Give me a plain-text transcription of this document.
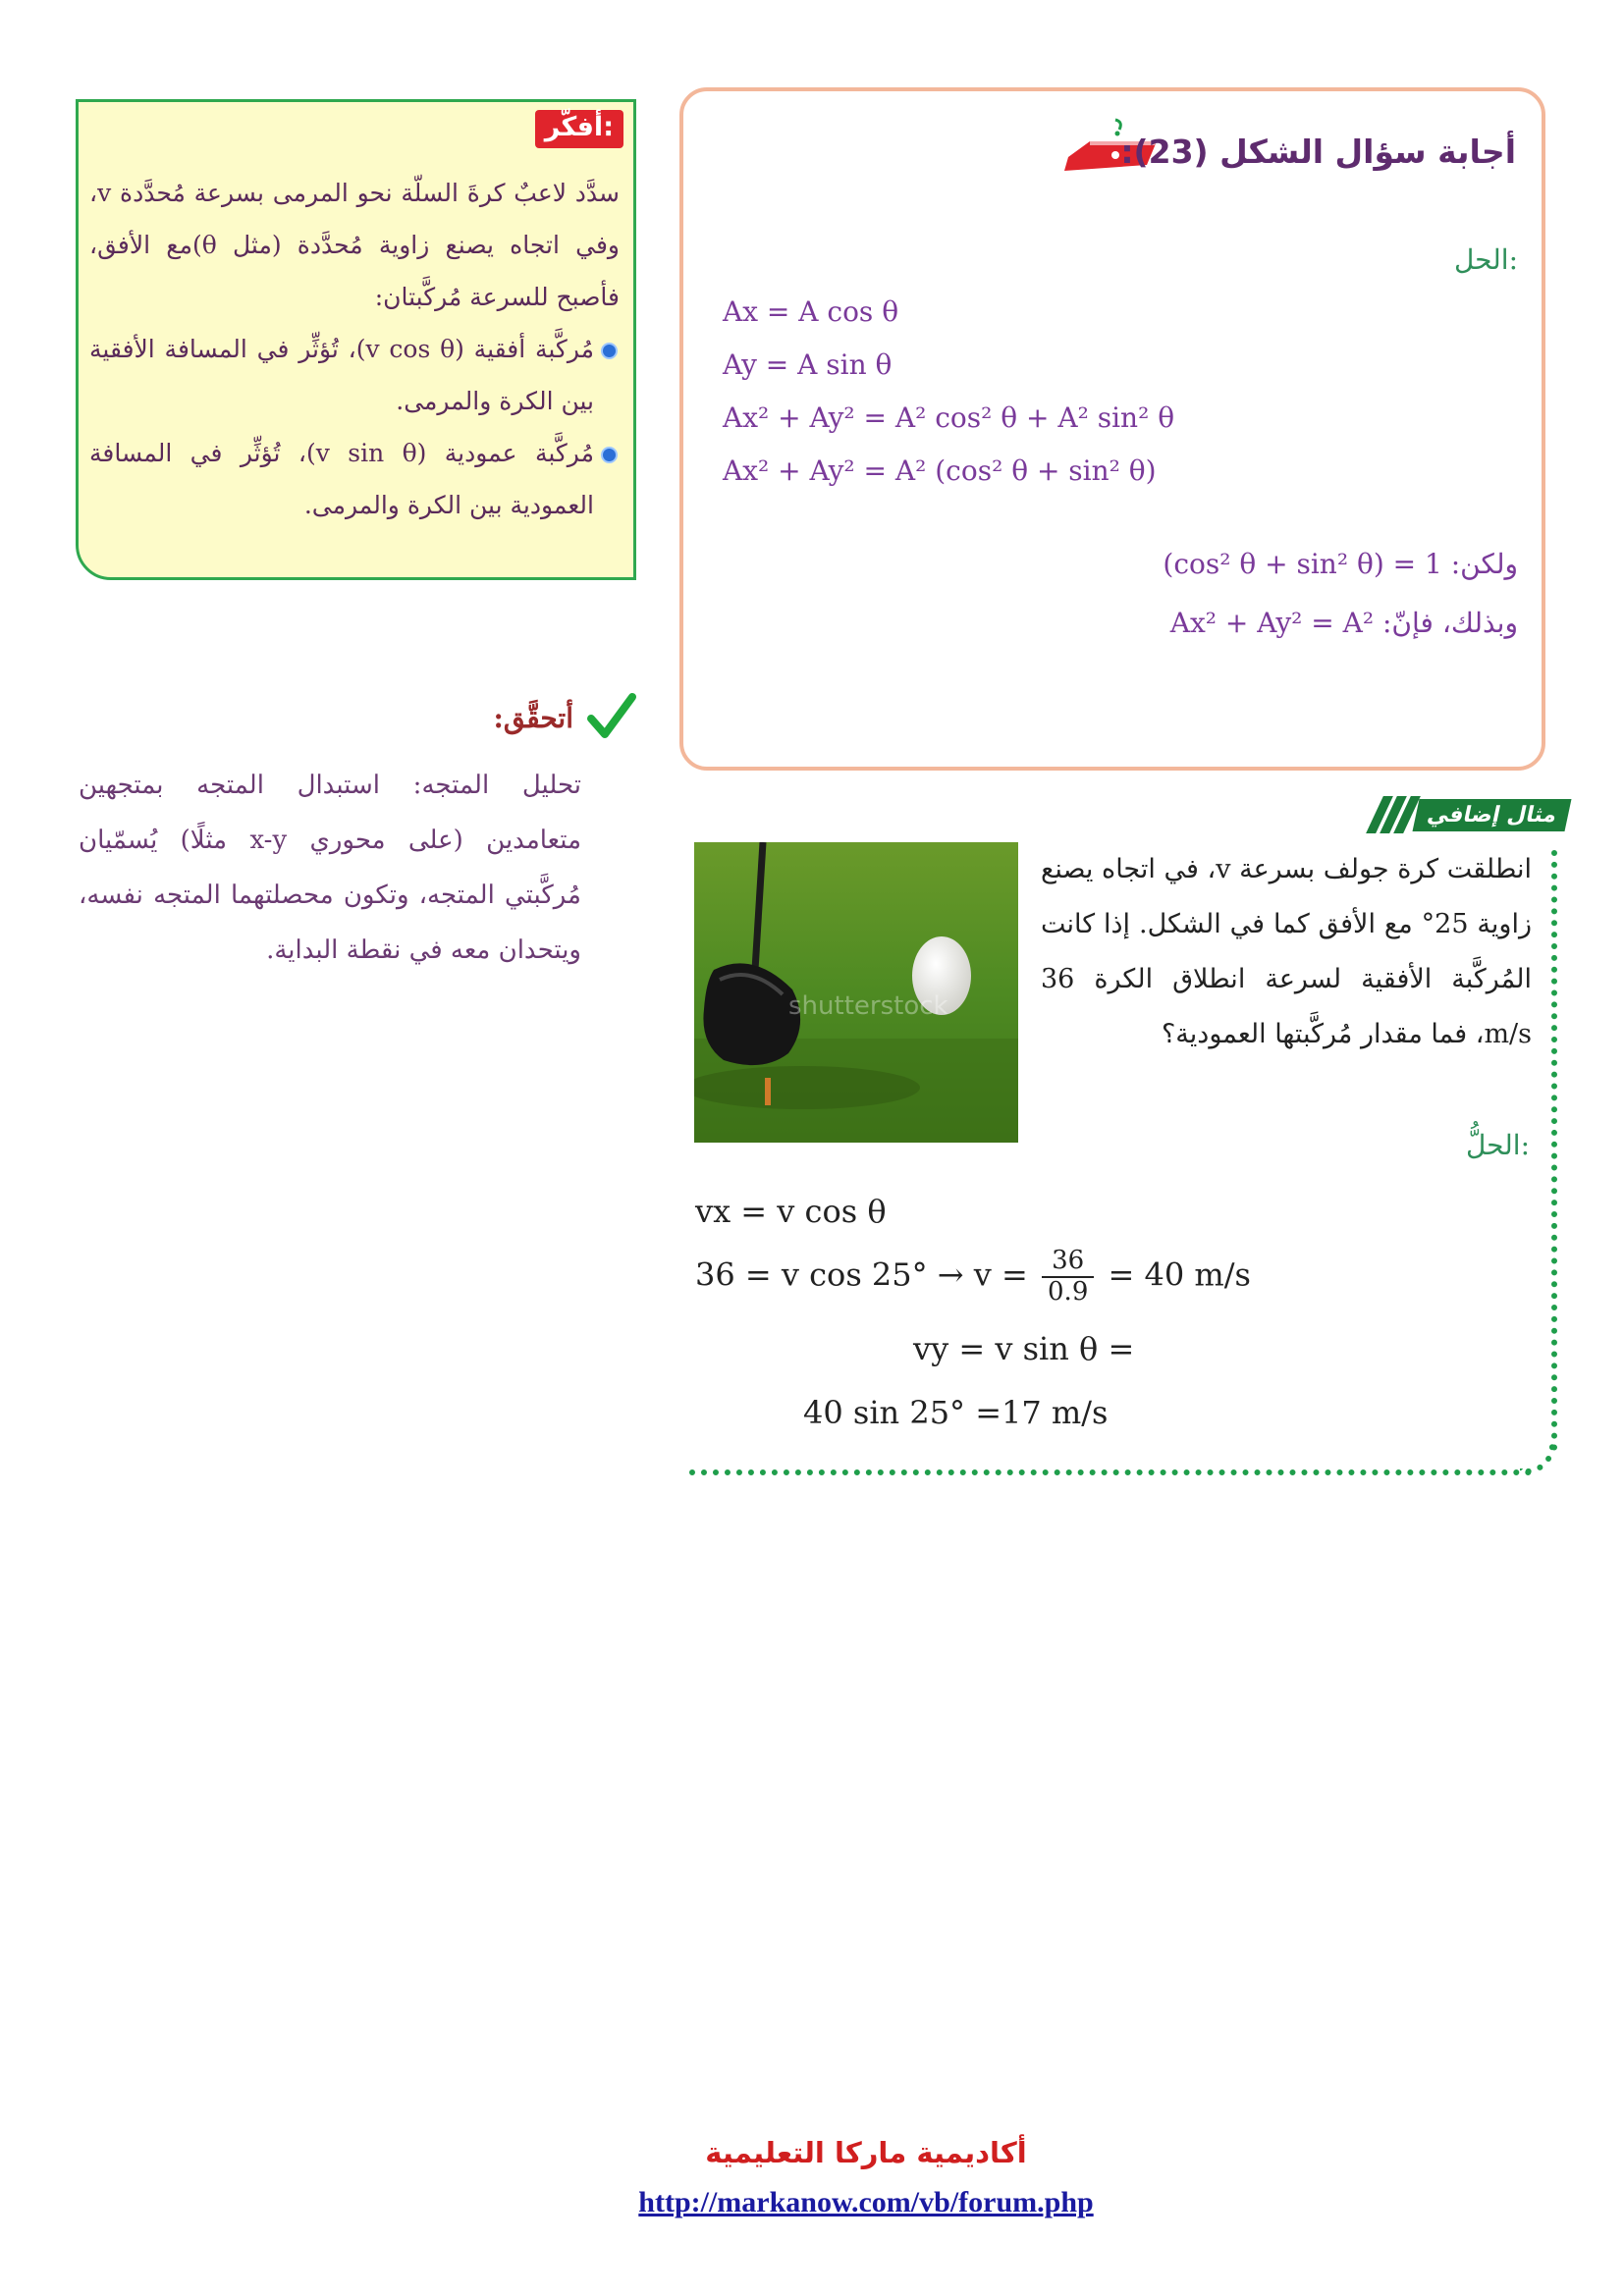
أفكّر:
سدَّد لاعبٌ كرةَ السلّة نحو المرمى بسرعة مُحدَّدة v، وفي اتجاه يصنع زاوية مُحدَّدة (مثل θ)مع الأفق، فأصبح للسرعة مُركَّبتان:
مُركَّبة أفقية (v cos θ)، تُؤثِّر في المسافة الأفقية بين الكرة والمرمى.
مُركَّبة عمودية (v sin θ)، تُؤثِّر في المسافة العمودية بين الكرة والمرمى.
أتحقَّق:
تحليل المتجه: استبدال المتجه بمتجهين متعامدين (على محوري x-y مثلًا) يُسمّيان مُركَّبتي المتجه، وتكون محصلتهما المتجه نفسه، ويتحدان معه في نقطة البداية.
أجابة سؤال الشكل (23):
الحل:
Ax = A cos θ
Ay = A sin θ
Ax² + Ay² = A² cos² θ + A² sin² θ
Ax² + Ay² = A² (cos² θ + sin² θ)
ولكن: (cos² θ + sin² θ) = 1
وبذلك، فإنّ: Ax² + Ay² = A²
مثال إضافي
shutterstock
انطلقت كرة جولف بسرعة v، في اتجاه يصنع زاوية 25° مع الأفق كما في الشكل. إذا كانت المُركَّبة الأفقية لسرعة انطلاق الكرة 36 m/s، فما مقدار مُركَّبتها العمودية؟
الحلُّ:
vx = v cos θ
36 = v $\cos 25^\circ \to v = \frac{36}{0.9} = 40$ m/s
vy = v sin θ =
40 sin 25° =17 m/s
أكاديمية ماركا التعليمية
http://markanow.com/vb/forum.php
